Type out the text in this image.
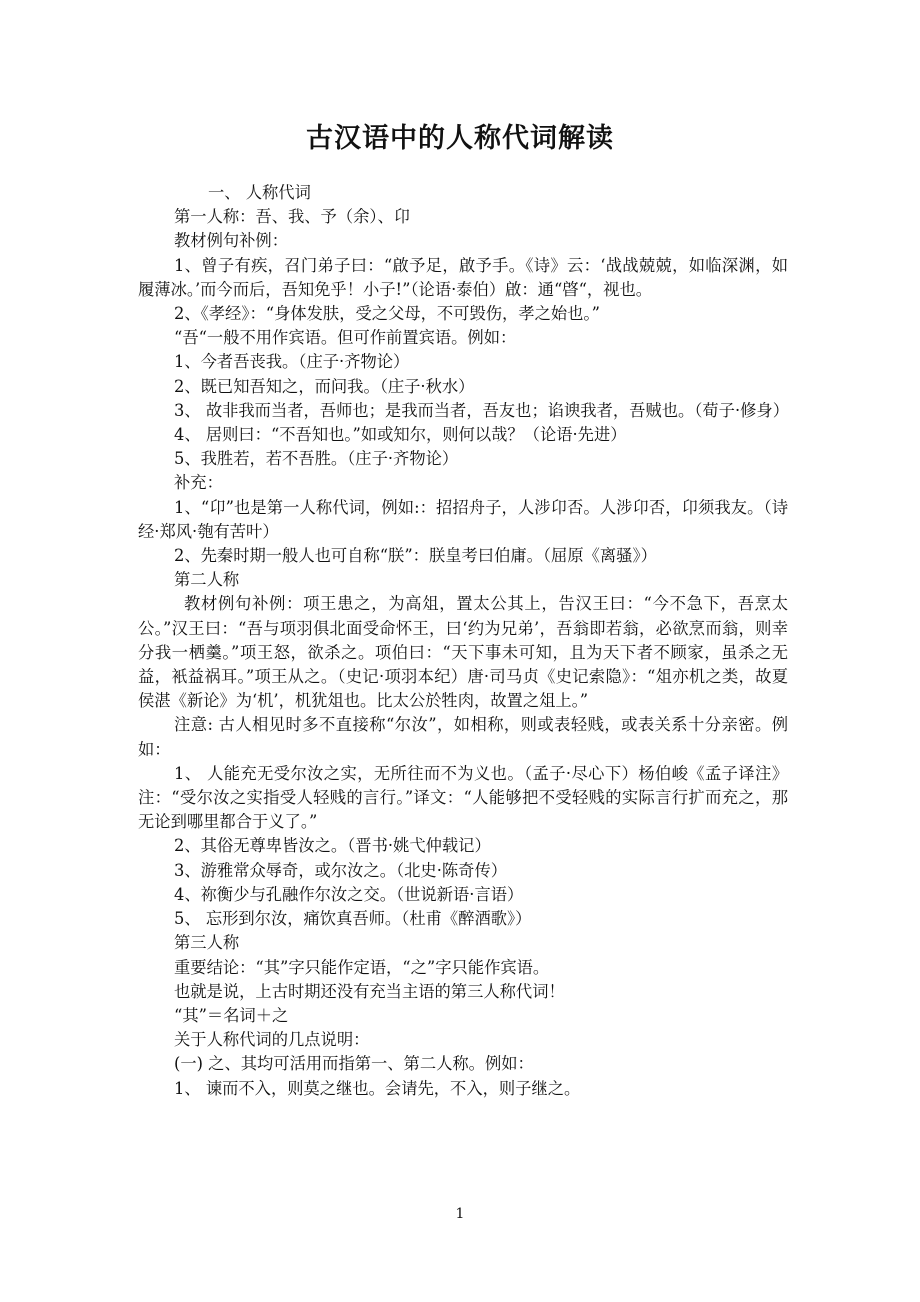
古汉语中的人称代词解读

一、 人称代词

第一人称：吾、我、予（余）、卬

教材例句补例：

1、曾子有疾，召门弟子曰：“啟予足，啟予手。《诗》云：‘战战兢兢，如临深渊，如履薄冰。’而今而后，吾知免乎！小子!”（论语·泰伯）啟：通“晵“，视也。

2、《孝经》：“身体发肤，受之父母，不可毁伤，孝之始也。”

“吾“一般不用作宾语。但可作前置宾语。例如：

1、今者吾丧我。（庄子·齐物论）

2、既已知吾知之，而问我。（庄子·秋水）

3、 故非我而当者，吾师也；是我而当者，吾友也；谄谀我者，吾贼也。（荀子·修身）

4、 居则曰：“不吾知也。”如或知尔，则何以哉？（论语·先进）

5、我胜若，若不吾胜。（庄子·齐物论）

补充：

1、“卬”也是第一人称代词，例如:：招招舟子，人涉卬否。人涉卬否，卬须我友。（诗经·郑风·匏有苦叶）

2、先秦时期一般人也可自称“朕”：朕皇考曰伯庸。（屈原《离骚》）

第二人称

教材例句补例：项王患之，为高俎，置太公其上，告汉王曰：“今不急下，吾烹太公。”汉王曰：“吾与项羽俱北面受命怀王，曰‘约为兄弟’，吾翁即若翁，必欲烹而翁，则幸分我一栖羹。”项王怒，欲杀之。项伯曰：“天下事未可知，且为天下者不顾家，虽杀之无益，衹益祸耳。”项王从之。（史记·项羽本纪）唐·司马贞《史记索隐》：“俎亦机之类，故夏侯湛《新论》为‘机’，机犹俎也。比太公於牲肉，故置之俎上。”

注意: 古人相见时多不直接称“尔汝”，如相称，则或表轻贱，或表关系十分亲密。例如：

1、 人能充无受尔汝之实，无所往而不为义也。（孟子·尽心下）杨伯峻《孟子译注》注：“受尔汝之实指受人轻贱的言行。”译文：“人能够把不受轻贱的实际言行扩而充之，那无论到哪里都合于义了。”

2、其俗无尊卑皆汝之。（晋书·姚弋仲载记）

3、游雅常众辱奇，或尔汝之。（北史·陈奇传）

4、祢衡少与孔融作尔汝之交。（世说新语·言语）

5、 忘形到尔汝，痛饮真吾师。（杜甫《醉酒歌》）

第三人称

重要结论：“其”字只能作定语，“之”字只能作宾语。

也就是说，上古时期还没有充当主语的第三人称代词！

“其”＝名词＋之

关于人称代词的几点说明：

(一) 之、其均可活用而指第一、第二人称。例如：

1、 谏而不入，则莫之继也。会请先，不入，则子继之。

1
